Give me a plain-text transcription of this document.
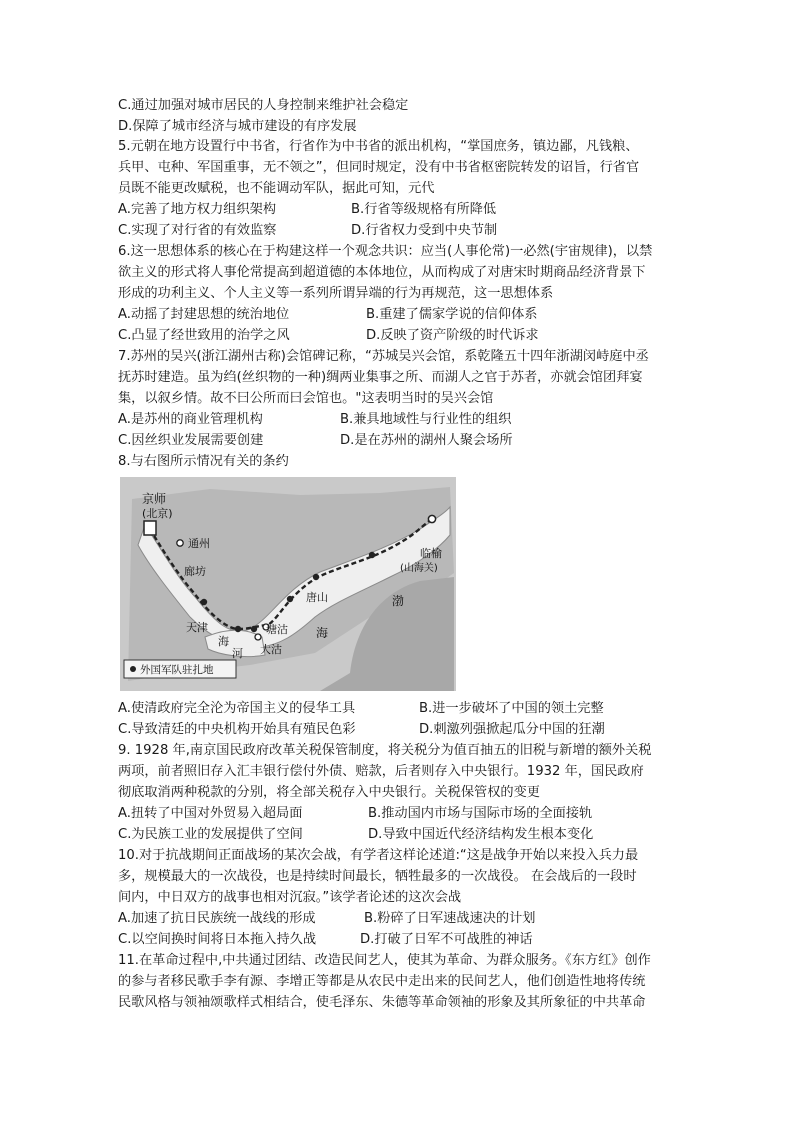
C.通过加强对城市居民的人身控制来维护社会稳定
D.保障了城市经济与城市建设的有序发展
5.元朝在地方设置行中书省，行省作为中书省的派出机构，“掌国庶务，镇边鄙，凡钱粮、
兵甲、屯种、军国重事，无不领之”，但同时规定，没有中书省枢密院转发的诏旨，行省官
员既不能更改赋税，也不能调动军队，据此可知，元代
A.完善了地方权力组织架构	B.行省等级规格有所降低
C.实现了对行省的有效监察	D.行省权力受到中央节制
6.这一思想体系的核心在于构建这样一个观念共识：应当(人事伦常)一必然(宇宙规律)，以禁
欲主义的形式将人事伦常提高到超道德的本体地位，从而构成了对唐宋时期商品经济背景下
形成的功利主义、个人主义等一系列所谓异端的行为再规范，这一思想体系
A.动摇了封建思想的统治地位	B.重建了儒家学说的信仰体系
C.凸显了经世致用的治学之风	D.反映了资产阶级的时代诉求
7.苏州的吴兴(浙江湖州古称)会馆碑记称，“苏城吴兴会馆，系乾隆五十四年浙湖闵峙庭中丞
抚苏时建造。虽为绉(丝织物的一种)绸两业集事之所、而湖人之官于苏者，亦就会馆团拜宴
集，以叙乡情。故不曰公所而曰会馆也。"这表明当时的吴兴会馆
A.是苏州的商业管理机构	B.兼具地域性与行业性的组织
C.因丝织业发展需要创建	D.是在苏州的湖州人聚会场所
8.与右图所示情况有关的条约
京师
(北京)
通州
廊坊
唐山
临榆
(山海关)
天津
海
河
塘沽
大沽
海
渤
外国军队驻扎地
A.使清政府完全沦为帝国主义的侵华工具	B.进一步破坏了中国的领土完整
C.导致清廷的中央机构开始具有殖民色彩	D.刺激列强掀起瓜分中国的狂潮
9. 1928 年,南京国民政府改革关税保管制度，将关税分为值百抽五的旧税与新增的额外关税
两项，前者照旧存入汇丰银行偿付外债、赔款，后者则存入中央银行。1932 年，国民政府
彻底取消两种税款的分别，将全部关税存入中央银行。关税保管权的变更
A.扭转了中国对外贸易入超局面	B.推动国内市场与国际市场的全面接轨
C.为民族工业的发展提供了空间	D.导致中国近代经济结构发生根本变化
10.对于抗战期间正面战场的某次会战，有学者这样论述道:“这是战争开始以来投入兵力最
多，规模最大的一次战役，也是持续时间最长，牺牲最多的一次战役。 在会战后的一段时
间内，中日双方的战事也相对沉寂。”该学者论述的这次会战
A.加速了抗日民族统一战线的形成	B.粉碎了日军速战速决的计划
C.以空间换时间将日本拖入持久战	D.打破了日军不可战胜的神话
11.在革命过程中,中共通过团结、改造民间艺人，使其为革命、为群众服务。《东方红》创作
的参与者移民歌手李有源、李增正等都是从农民中走出来的民间艺人，他们创造性地将传统
民歌风格与领袖颂歌样式相结合，使毛泽东、朱德等革命领袖的形象及其所象征的中共革命
